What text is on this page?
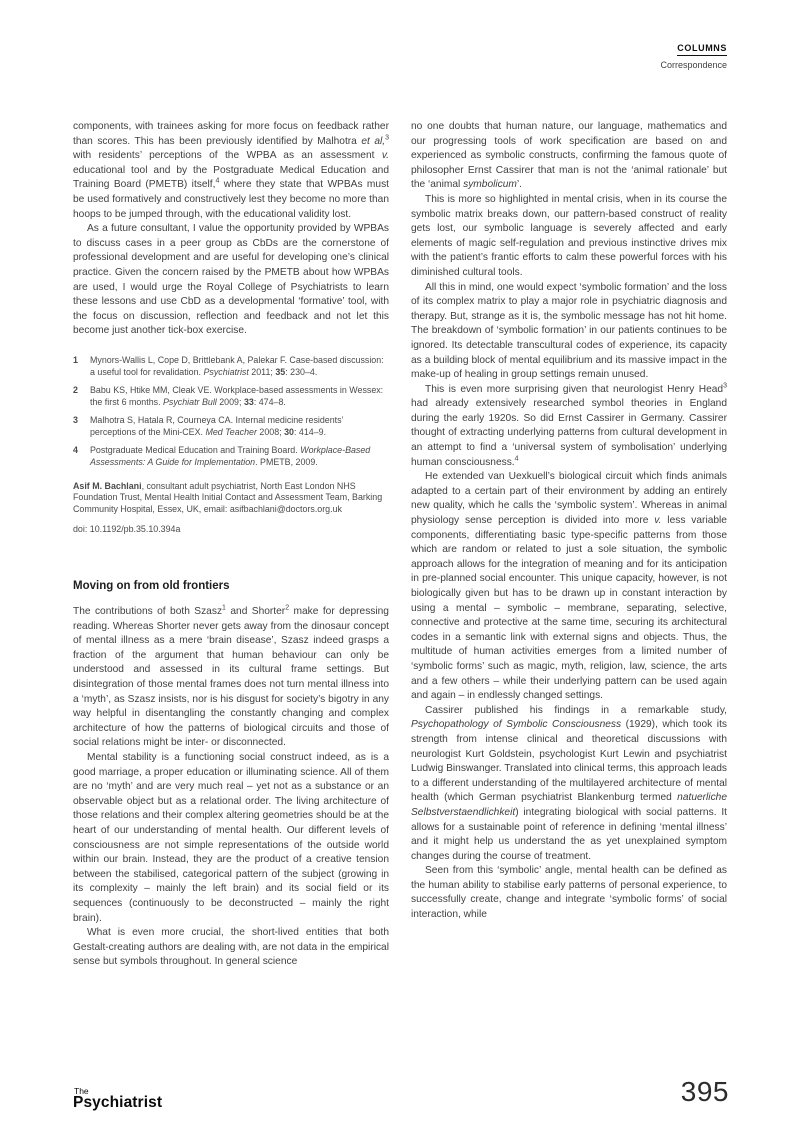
COLUMNS
Correspondence

components, with trainees asking for more focus on feedback rather than scores. This has been previously identified by Malhotra et al,$^3$ with residents’ perceptions of the WPBA as an assessment v. educational tool and by the Postgraduate Medical Education and Training Board (PMETB) itself,$^4$ where they state that WPBAs must be used formatively and constructively lest they become no more than hoops to be jumped through, with the educational validity lost.

As a future consultant, I value the opportunity provided by WPBAs to discuss cases in a peer group as CbDs are the cornerstone of professional development and are useful for developing one’s clinical practice. Given the concern raised by the PMETB about how WPBAs are used, I would urge the Royal College of Psychiatrists to learn these lessons and use CbD as a developmental ‘formative’ tool, with the focus on discussion, reflection and feedback and not let this become just another tick-box exercise.

1	Mynors-Wallis L, Cope D, Brittlebank A, Palekar F. Case-based discussion: a useful tool for revalidation. Psychiatrist 2011; 35: 230–4.
2	Babu KS, Htike MM, Cleak VE. Workplace-based assessments in Wessex: the first 6 months. Psychiatr Bull 2009; 33: 474–8.
3	Malhotra S, Hatala R, Courneya CA. Internal medicine residents’ perceptions of the Mini-CEX. Med Teacher 2008; 30: 414–9.
4	Postgraduate Medical Education and Training Board. Workplace-Based Assessments: A Guide for Implementation. PMETB, 2009.

Asif M. Bachlani, consultant adult psychiatrist, North East London NHS Foundation Trust, Mental Health Initial Contact and Assessment Team, Barking Community Hospital, Essex, UK, email: asifbachlani@doctors.org.uk

doi: 10.1192/pb.35.10.394a

Moving on from old frontiers

The contributions of both Szasz$^1$ and Shorter$^2$ make for depressing reading. Whereas Shorter never gets away from the dinosaur concept of mental illness as a mere ‘brain disease’, Szasz indeed grasps a fraction of the argument that human behaviour can only be understood and assessed in its cultural frame settings. But disintegration of those mental frames does not turn mental illness into a ‘myth’, as Szasz insists, nor is his disgust for society’s bigotry in any way helpful in disentangling the constantly changing and complex architecture of how the patterns of biological circuits and those of social relations might be inter- or disconnected.

Mental stability is a functioning social construct indeed, as is a good marriage, a proper education or illuminating science. All of them are no ‘myth’ and are very much real – yet not as a substance or an observable object but as a relational order. The living architecture of those relations and their complex altering geometries should be at the heart of our understanding of mental health. Our different levels of consciousness are not simple representations of the outside world within our brain. Instead, they are the product of a creative tension between the stabilised, categorical pattern of the subject (growing in its complexity – mainly the left brain) and its social field or its sequences (continuously to be deconstructed – mainly the right brain).

What is even more crucial, the short-lived entities that both Gestalt-creating authors are dealing with, are not data in the empirical sense but symbols throughout. In general science

no one doubts that human nature, our language, mathematics and our progressing tools of work specification are based on and experienced as symbolic constructs, confirming the famous quote of philosopher Ernst Cassirer that man is not the ‘animal rationale’ but the ‘animal symbolicum’.

This is more so highlighted in mental crisis, when in its course the symbolic matrix breaks down, our pattern-based construct of reality gets lost, our symbolic language is severely affected and early elements of magic self-regulation and previous instinctive drives mix with the patient’s frantic efforts to calm these powerful forces with his diminished cultural tools.

All this in mind, one would expect ‘symbolic formation’ and the loss of its complex matrix to play a major role in psychiatric diagnosis and therapy. But, strange as it is, the symbolic message has not hit home. The breakdown of ‘symbolic formation’ in our patients continues to be ignored. Its detectable transcultural codes of experience, its capacity as a building block of mental equilibrium and its massive impact in the make-up of healing in group settings remain unused.

This is even more surprising given that neurologist Henry Head$^3$ had already extensively researched symbol theories in England during the early 1920s. So did Ernst Cassirer in Germany. Cassirer thought of extracting underlying patterns from cultural development in an attempt to find a ‘universal system of symbolisation’ underlying human consciousness.$^4$

He extended van Uexkuell’s biological circuit which finds animals adapted to a certain part of their environment by adding an entirely new quality, which he calls the ‘symbolic system’. Whereas in animal physiology sense perception is divided into more v. less variable components, differentiating basic type-specific patterns from those which are random or related to just a sole situation, the symbolic approach allows for the integration of meaning and for its anticipation in pre-planned social encounter. This unique capacity, however, is not biologically given but has to be drawn up in constant interaction by using a mental – symbolic – membrane, separating, selective, connective and protective at the same time, securing its architectural codes in a semantic link with external signs and objects. Thus, the multitude of human activities emerges from a limited number of ‘symbolic forms’ such as magic, myth, religion, law, science, the arts and a few others – while their underlying pattern can be used again and again – in endlessly changed settings.

Cassirer published his findings in a remarkable study, Psychopathology of Symbolic Consciousness (1929), which took its strength from intense clinical and theoretical discussions with neurologist Kurt Goldstein, psychologist Kurt Lewin and psychiatrist Ludwig Binswanger. Translated into clinical terms, this approach leads to a different understanding of the multilayered architecture of mental health (which German psychiatrist Blankenburg termed natuerliche Selbstverstaendlichkeit) integrating biological with social patterns. It allows for a sustainable point of reference in defining ‘mental illness’ and it might help us understand the as yet unexplained symptom changes during the course of treatment.

Seen from this ‘symbolic’ angle, mental health can be defined as the human ability to stabilise early patterns of personal experience, to successfully create, change and integrate ‘symbolic forms’ of social interaction, while

The
Psychiatrist	395
